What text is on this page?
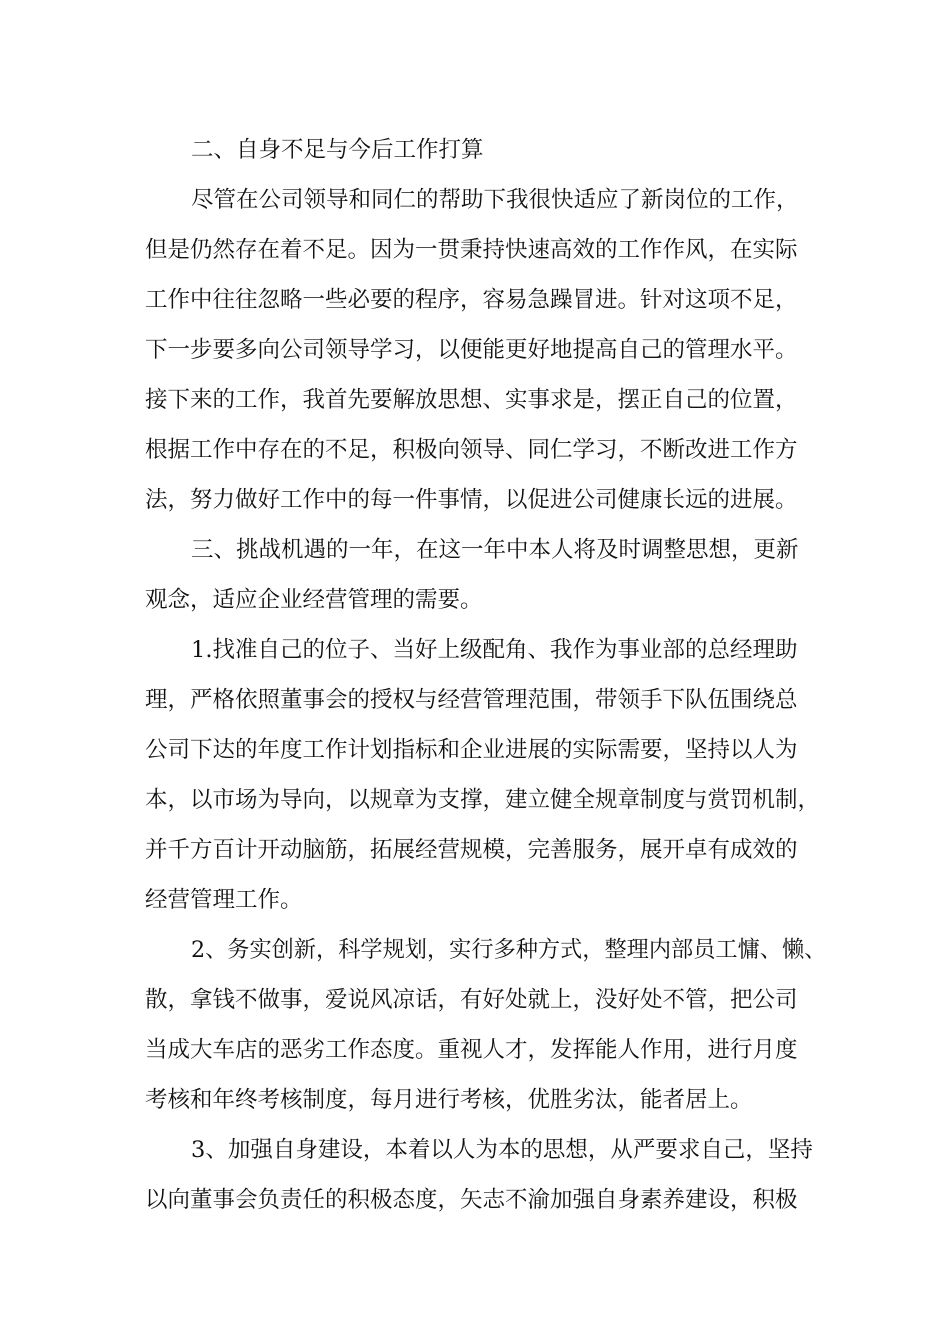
二、自身不足与今后工作打算
尽管在公司领导和同仁的帮助下我很快适应了新岗位的工作，
但是仍然存在着不足。因为一贯秉持快速高效的工作作风，在实际
工作中往往忽略一些必要的程序，容易急躁冒进。针对这项不足，
下一步要多向公司领导学习，以便能更好地提高自己的管理水平。
接下来的工作，我首先要解放思想、实事求是，摆正自己的位置，
根据工作中存在的不足，积极向领导、同仁学习，不断改进工作方
法，努力做好工作中的每一件事情，以促进公司健康长远的进展。
三、挑战机遇的一年，在这一年中本人将及时调整思想，更新
观念，适应企业经营管理的需要。
1.找准自己的位子、当好上级配角、我作为事业部的总经理助
理，严格依照董事会的授权与经营管理范围，带领手下队伍围绕总
公司下达的年度工作计划指标和企业进展的实际需要，坚持以人为
本，以市场为导向，以规章为支撑，建立健全规章制度与赏罚机制，
并千方百计开动脑筋，拓展经营规模，完善服务，展开卓有成效的
经营管理工作。
2、务实创新，科学规划，实行多种方式，整理内部员工慵、懒、
散，拿钱不做事，爱说风凉话，有好处就上，没好处不管，把公司
当成大车店的恶劣工作态度。重视人才，发挥能人作用，进行月度
考核和年终考核制度，每月进行考核，优胜劣汰，能者居上。
3、加强自身建设，本着以人为本的思想，从严要求自己，坚持
以向董事会负责任的积极态度，矢志不渝加强自身素养建设，积极
